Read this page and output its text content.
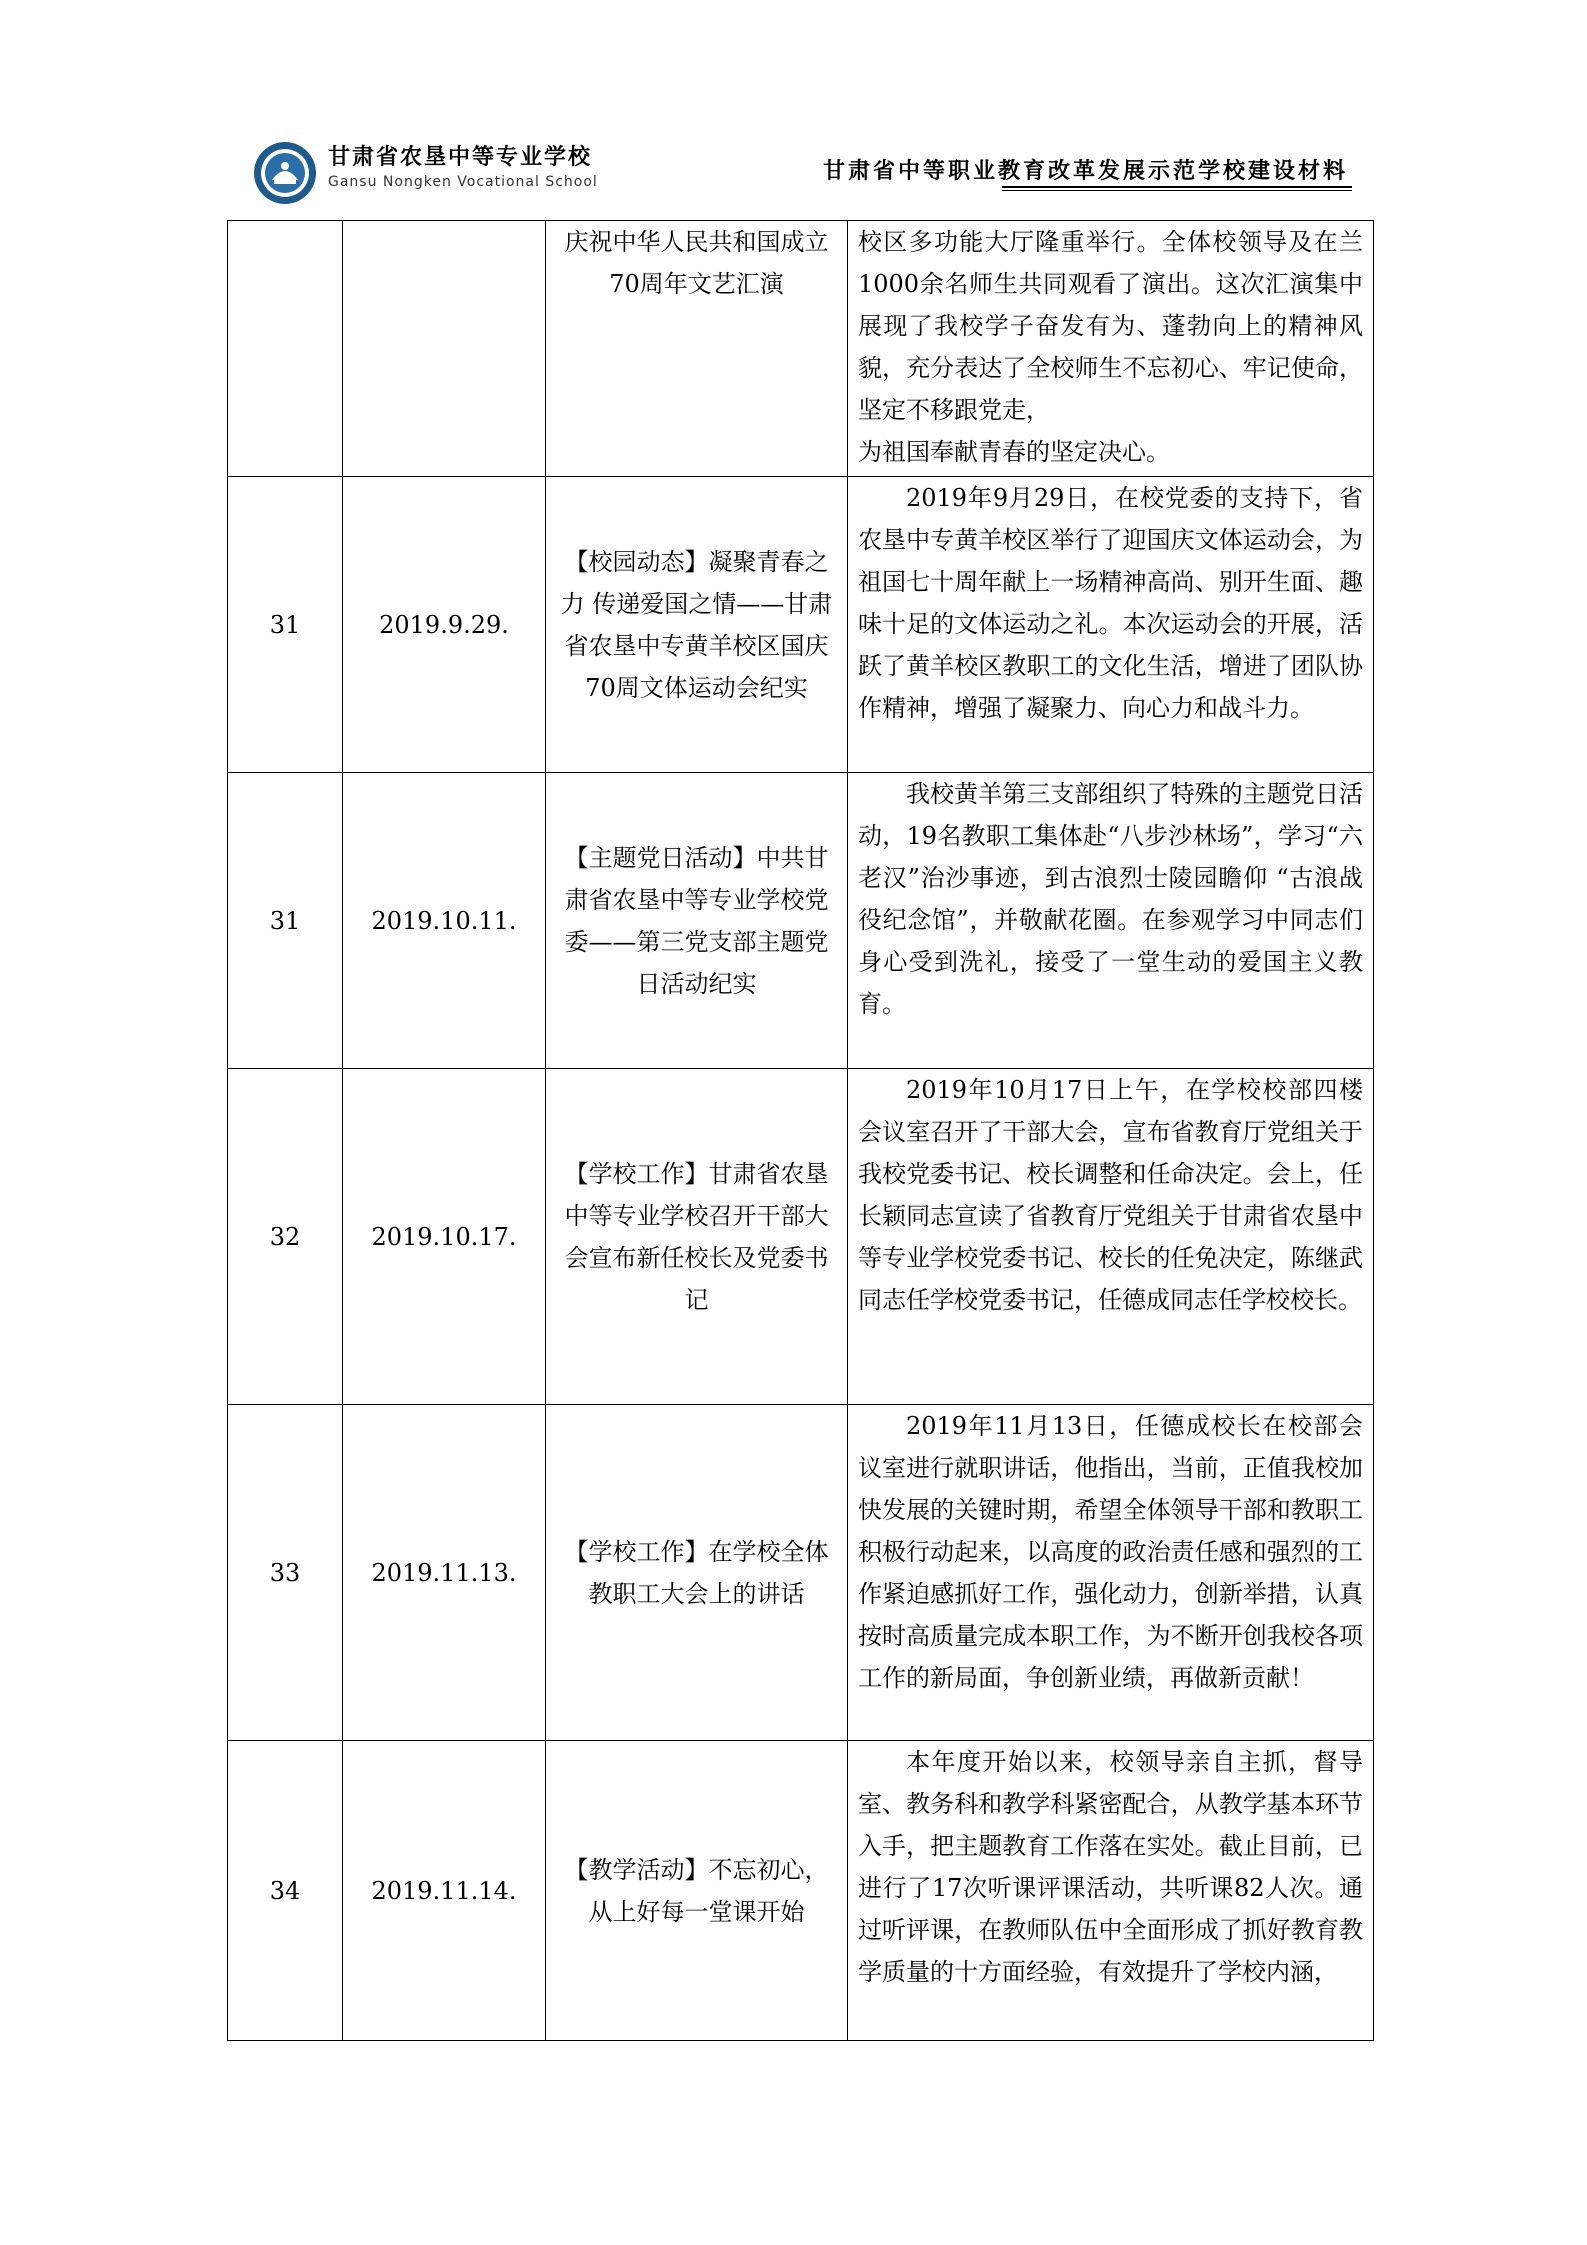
甘肃省农垦中等专业学校
Gansu Nongken Vocational School	甘肃省中等职业教育改革发展示范学校建设材料
		庆祝中华人民共和国成立70周年文艺汇演	校区多功能大厅隆重举行。全体校领导及在兰1000余名师生共同观看了演出。这次汇演集中展现了我校学子奋发有为、蓬勃向上的精神风貌，充分表达了全校师生不忘初心、牢记使命，坚定不移跟党走，
为祖国奉献青春的坚定决心。

31	2019.9.29.	【校园动态】凝聚青春之力 传递爱国之情——甘肃省农垦中专黄羊校区国庆70周文体运动会纪实	2019年9月29日，在校党委的支持下，省农垦中专黄羊校区举行了迎国庆文体运动会，为祖国七十周年献上一场精神高尚、别开生面、趣味十足的文体运动之礼。本次运动会的开展，活跃了黄羊校区教职工的文化生活，增进了团队协作精神，增强了凝聚力、向心力和战斗力。

31	2019.10.11.	【主题党日活动】中共甘肃省农垦中等专业学校党委——第三党支部主题党日活动纪实	我校黄羊第三支部组织了特殊的主题党日活动，19名教职工集体赴“八步沙林场”，学习“六老汉”治沙事迹，到古浪烈士陵园瞻仰 “古浪战役纪念馆”，并敬献花圈。在参观学习中同志们身心受到洗礼，接受了一堂生动的爱国主义教育。

32	2019.10.17.	【学校工作】甘肃省农垦中等专业学校召开干部大会宣布新任校长及党委书记	2019年10月17日上午，在学校校部四楼会议室召开了干部大会，宣布省教育厅党组关于我校党委书记、校长调整和任命决定。会上，任长颖同志宣读了省教育厅党组关于甘肃省农垦中等专业学校党委书记、校长的任免决定，陈继武同志任学校党委书记，任德成同志任学校校长。

33	2019.11.13.	【学校工作】在学校全体教职工大会上的讲话	2019年11月13日，任德成校长在校部会议室进行就职讲话，他指出，当前，正值我校加快发展的关键时期，希望全体领导干部和教职工积极行动起来，以高度的政治责任感和强烈的工作紧迫感抓好工作，强化动力，创新举措，认真按时高质量完成本职工作，为不断开创我校各项工作的新局面，争创新业绩，再做新贡献！

34	2019.11.14.	【教学活动】不忘初心，从上好每一堂课开始	本年度开始以来，校领导亲自主抓，督导室、教务科和教学科紧密配合，从教学基本环节入手，把主题教育工作落在实处。截止目前，已进行了17次听课评课活动，共听课82人次。通过听评课，在教师队伍中全面形成了抓好教育教学质量的十方面经验，有效提升了学校内涵，
